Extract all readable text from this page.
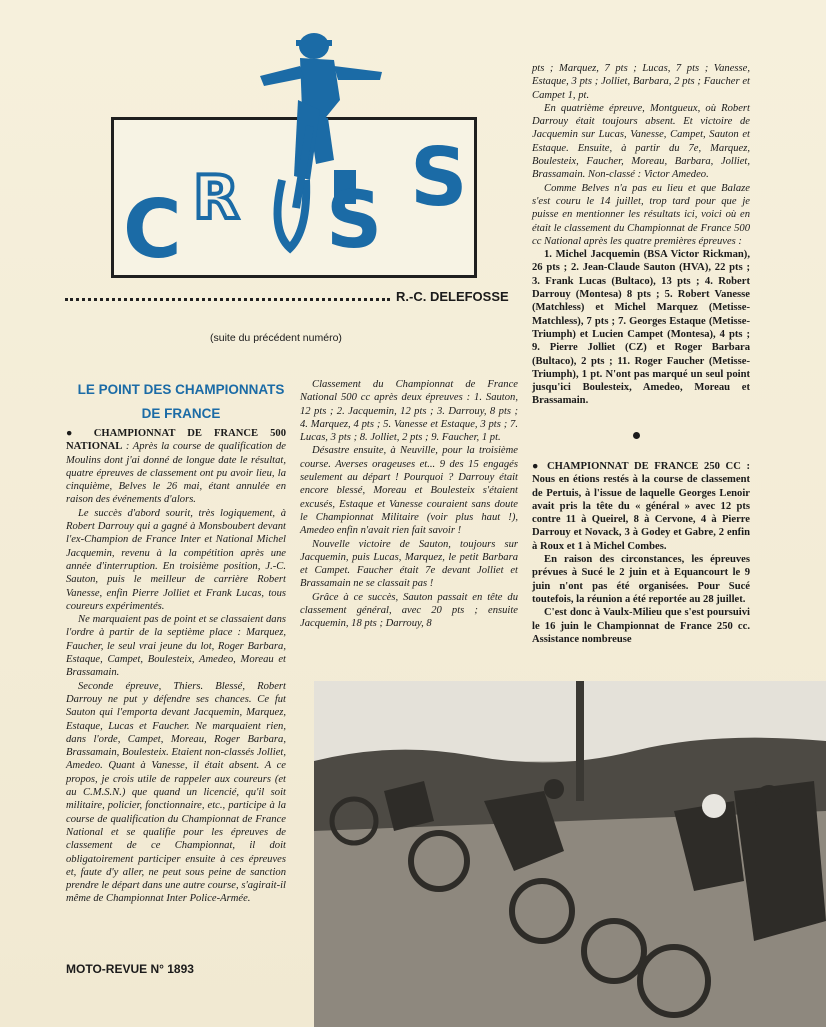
C R S S
R.-C. DELEFOSSE
(suite du précédent numéro)
LE POINT DES CHAMPIONNATS
DE FRANCE

● CHAMPIONNAT DE FRANCE 500 NATIONAL : Après la course de qualification de Moulins dont j'ai donné de longue date le résultat, quatre épreuves de classement ont pu avoir lieu, la cinquième, Belves le 26 mai, étant annulée en raison des événements d'alors.

Le succès d'abord sourit, très logiquement, à Robert Darrouy qui a gagné à Monsboubert devant l'ex-Champion de France Inter et National Michel Jacquemin, revenu à la compétition après une année d'interruption. En troisième position, J.-C. Sauton, puis le meilleur de carrière Robert Vanesse, enfin Pierre Jolliet et Frank Lucas, tous coureurs expérimentés.

Ne marquaient pas de point et se classaient dans l'ordre à partir de la septième place : Marquez, Faucher, le seul vrai jeune du lot, Roger Barbara, Estaque, Campet, Boulesteix, Amedeo, Moreau et Brassamain.

Seconde épreuve, Thiers. Blessé, Robert Darrouy ne put y défendre ses chances. Ce fut Sauton qui l'emporta devant Jacquemin, Marquez, Estaque, Lucas et Faucher. Ne marquaient rien, dans l'orde, Campet, Moreau, Roger Barbara, Brassamain, Boulesteix. Etaient non-classés Jolliet, Amedeo. Quant à Vanesse, il était absent. A ce propos, je crois utile de rappeler aux coureurs (et au C.M.S.N.) que quand un licencié, qu'il soit militaire, policier, fonctionnaire, etc., participe à la course de qualification du Championnat de France National et se qualifie pour les épreuves de classement de ce Championnat, il doit obligatoirement participer ensuite à ces épreuves et, faute d'y aller, ne peut sous peine de sanction prendre le départ dans une autre course, s'agirait-il même de Championnat Inter Police-Armée.

Classement du Championnat de France National 500 cc après deux épreuves : 1. Sauton, 12 pts ; 2. Jacquemin, 12 pts ; 3. Darrouy, 8 pts ; 4. Marquez, 4 pts ; 5. Vanesse et Estaque, 3 pts ; 7. Lucas, 3 pts ; 8. Jolliet, 2 pts ; 9. Faucher, 1 pt.

Désastre ensuite, à Neuville, pour la troisième course. Averses orageuses et... 9 des 15 engagés seulement au départ ! Pourquoi ? Darrouy était encore blessé, Moreau et Boulesteix s'étaient excusés, Estaque et Vanesse couraient sans doute le Championnat Militaire (voir plus haut !), Amedeo enfin n'avait rien fait savoir !

Nouvelle victoire de Sauton, toujours sur Jacquemin, puis Lucas, Marquez, le petit Barbara et Campet. Faucher était 7e devant Jolliet et Brassamain ne se classait pas !

Grâce à ce succès, Sauton passait en tête du classement général, avec 20 pts ; ensuite Jacquemin, 18 pts ; Darrouy, 8

pts ; Marquez, 7 pts ; Lucas, 7 pts ; Vanesse, Estaque, 3 pts ; Jolliet, Barbara, 2 pts ; Faucher et Campet 1, pt.

En quatrième épreuve, Montgueux, où Robert Darrouy était toujours absent. Et victoire de Jacquemin sur Lucas, Vanesse, Campet, Sauton et Estaque. Ensuite, à partir du 7e, Marquez, Boulesteix, Faucher, Moreau, Barbara, Jolliet, Brassamain. Non-classé : Victor Amedeo.

Comme Belves n'a pas eu lieu et que Balaze s'est couru le 14 juillet, trop tard pour que je puisse en mentionner les résultats ici, voici où en était le classement du Championnat de France 500 cc National après les quatre premières épreuves :

1. Michel Jacquemin (BSA Victor Rickman), 26 pts ; 2. Jean-Claude Sauton (HVA), 22 pts ; 3. Frank Lucas (Bultaco), 13 pts ; 4. Robert Darrouy (Montesa) 8 pts ; 5. Robert Vanesse (Matchless) et Michel Marquez (Metisse-Matchless), 7 pts ; 7. Georges Estaque (Metisse-Triumph) et Lucien Campet (Montesa), 4 pts ; 9. Pierre Jolliet (CZ) et Roger Barbara (Bultaco), 2 pts ; 11. Roger Faucher (Metisse-Triumph), 1 pt. N'ont pas marqué un seul point jusqu'ici Boulesteix, Amedeo, Moreau et Brassamain.

● CHAMPIONNAT DE FRANCE 250 CC : Nous en étions restés à la course de classement de Pertuis, à l'issue de laquelle Georges Lenoir avait pris la tête du « général » avec 12 pts contre 11 à Queirel, 8 à Cervone, 4 à Pierre Darrouy et Novack, 3 à Godey et Gabre, 2 enfin à Roux et 1 à Michel Combes.

En raison des circonstances, les épreuves prévues à Sucé le 2 juin et à Equancourt le 9 juin n'ont pas été organisées. Pour Sucé toutefois, la réunion a été reportée au 28 juillet.

C'est donc à Vaulx-Milieu que s'est poursuivi le 16 juin le Championnat de France 250 cc. Assistance nombreuse

MOTO-REVUE N° 1893
